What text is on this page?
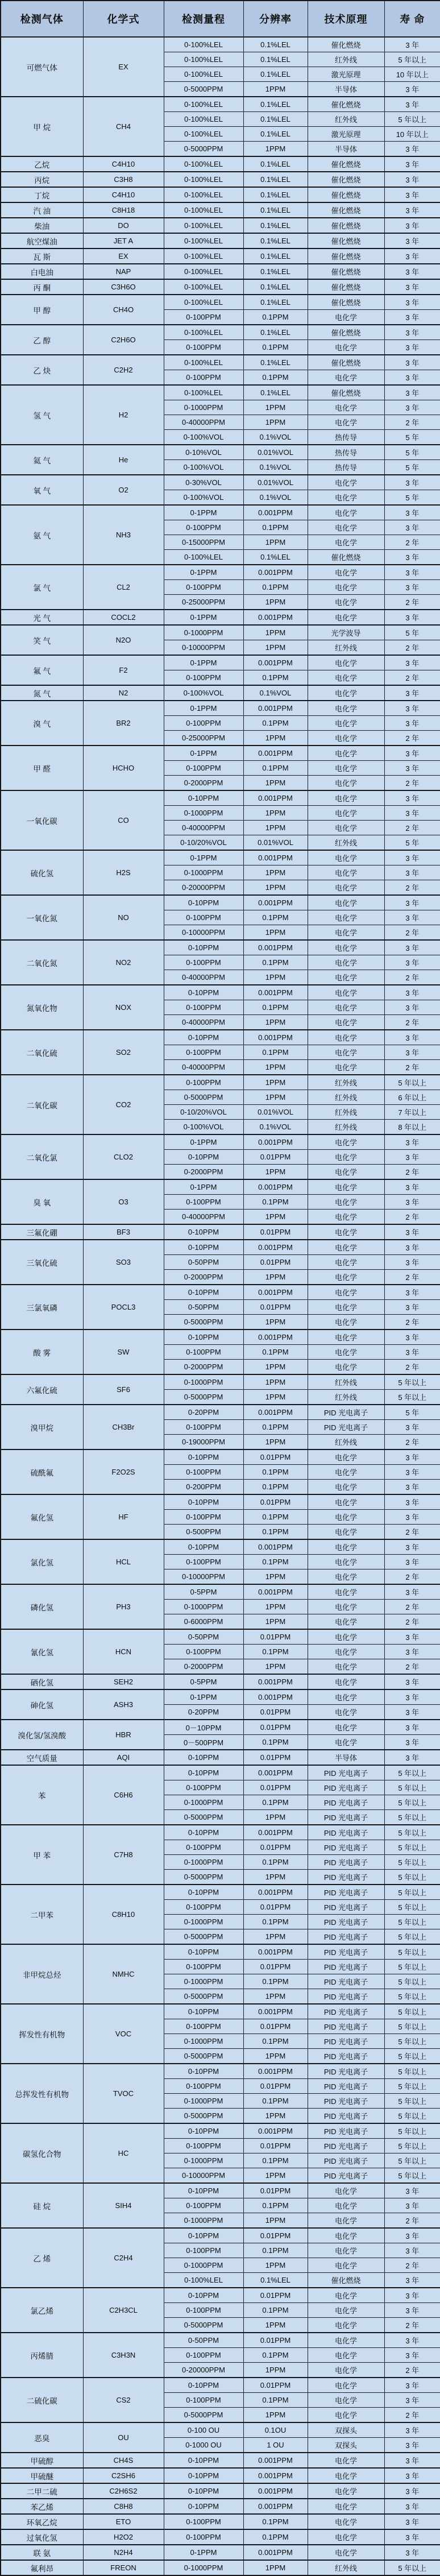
检测气体	化学式	检测量程	分辨率	技术原理	寿 命
可燃气体	EX	0-100%LEL	0.1%LEL	催化燃烧	3 年
		0-100%LEL	0.1%LEL	红外线	5 年以上
		0-100%LEL	0.1%LEL	激光原理	10 年以上
		0-5000PPM	1PPM	半导体	3 年
甲 烷	CH4	0-100%LEL	0.1%LEL	催化燃烧	3 年
		0-100%LEL	0.1%LEL	红外线	5 年以上
		0-100%LEL	0.1%LEL	激光原理	10 年以上
		0-5000PPM	1PPM	半导体	3 年
乙烷	C4H10	0-100%LEL	0.1%LEL	催化燃烧	3 年
丙烷	C3H8	0-100%LEL	0.1%LEL	催化燃烧	3 年
丁烷	C4H10	0-100%LEL	0.1%LEL	催化燃烧	3 年
汽 油	C8H18	0-100%LEL	0.1%LEL	催化燃烧	3 年
柴油	DO	0-100%LEL	0.1%LEL	催化燃烧	3 年
航空煤油	JET A	0-100%LEL	0.1%LEL	催化燃烧	3 年
瓦 斯	EX	0-100%LEL	0.1%LEL	催化燃烧	3 年
白电油	NAP	0-100%LEL	0.1%LEL	催化燃烧	3 年
丙 酮	C3H6O	0-100%LEL	0.1%LEL	催化燃烧	3 年
甲 醇	CH4O	0-100%LEL	0.1%LEL	催化燃烧	3 年
		0-100PPM	0.1PPM	电化学	3 年
乙 醇	C2H6O	0-100%LEL	0.1%LEL	催化燃烧	3 年
		0-100PPM	0.1PPM	电化学	3 年
乙 炔	C2H2	0-100%LEL	0.1%LEL	催化燃烧	3 年
		0-100PPM	0.1PPM	电化学	3 年
氢 气	H2	0-100%LEL	0.1%LEL	催化燃烧	3 年
		0-1000PPM	1PPM	电化学	3 年
		0-40000PPM	1PPM	电化学	2 年
		0-100%VOL	0.1%VOL	热传导	5 年
氦 气	He	0-10%VOL	0.01%VOL	热传导	5 年
		0-100%VOL	0.1%VOL	热传导	5 年
氧 气	O2	0-30%VOL	0.01%VOL	电化学	3 年
		0-100%VOL	0.1%VOL	电化学	5 年
氨 气	NH3	0-1PPM	0.001PPM	电化学	3 年
		0-100PPM	0.1PPM	电化学	3 年
		0-15000PPM	1PPM	电化学	2 年
		0-100%LEL	0.1%LEL	催化燃烧	3 年
氯 气	CL2	0-1PPM	0.001PPM	电化学	3 年
		0-100PPM	0.1PPM	电化学	3 年
		0-25000PPM	1PPM	电化学	2 年
光 气	COCL2	0-1PPM	0.001PPM	电化学	3 年
笑 气	N2O	0-1000PPM	1PPM	光学波导	5 年
		0-10000PPM	1PPM	红外线	2 年
氟 气	F2	0-1PPM	0.001PPM	电化学	3 年
		0-100PPM	0.1PPM	电化学	2 年
氮 气	N2	0-100%VOL	0.1%VOL	电化学	3 年
溴 气	BR2	0-1PPM	0.001PPM	电化学	3 年
		0-100PPM	0.1PPM	电化学	3 年
		0-25000PPM	1PPM	电化学	2 年
甲 醛	HCHO	0-1PPM	0.001PPM	电化学	3 年
		0-100PPM	0.1PPM	电化学	3 年
		0-2000PPM	1PPM	电化学	2 年
一氧化碳	CO	0-10PPM	0.001PPM	电化学	3 年
		0-1000PPM	1PPM	电化学	3 年
		0-40000PPM	1PPM	电化学	2 年
		0-10/20%VOL	0.01%VOL	红外线	5 年
硫化氢	H2S	0-1PPM	0.001PPM	电化学	3 年
		0-1000PPM	1PPM	电化学	3 年
		0-20000PPM	1PPM	电化学	2 年
一氧化氮	NO	0-10PPM	0.001PPM	电化学	3 年
		0-100PPM	0.1PPM	电化学	3 年
		0-10000PPM	1PPM	电化学	2 年
二氧化氮	NO2	0-10PPM	0.001PPM	电化学	3 年
		0-100PPM	0.1PPM	电化学	3 年
		0-40000PPM	1PPM	电化学	2 年
氮氧化物	NOX	0-10PPM	0.001PPM	电化学	3 年
		0-100PPM	0.1PPM	电化学	3 年
		0-40000PPM	1PPM	电化学	2 年
二氧化硫	SO2	0-10PPM	0.001PPM	电化学	3 年
		0-100PPM	0.1PPM	电化学	3 年
		0-40000PPM	1PPM	电化学	2 年
二氧化碳	CO2	0-100PPM	1PPM	红外线	5 年以上
		0-5000PPM	1PPM	红外线	6 年以上
		0-10/20%VOL	0.01%VOL	红外线	7 年以上
		0-100%VOL	0.1%VOL	红外线	8 年以上
二氧化氯	CLO2	0-1PPM	0.001PPM	电化学	3 年
		0-10PPM	0.01PPM	电化学	3 年
		0-2000PPM	1PPM	电化学	2 年
臭 氧	O3	0-1PPM	0.001PPM	电化学	3 年
		0-100PPM	0.1PPM	电化学	3 年
		0-40000PPM	1PPM	电化学	2 年
三氟化硼	BF3	0-10PPM	0.01PPM	电化学	3 年
三氧化硫	SO3	0-10PPM	0.001PPM	电化学	3 年
		0-50PPM	0.01PPM	电化学	3 年
		0-2000PPM	1PPM	电化学	2 年
三氯氧磷	POCL3	0-10PPM	0.001PPM	电化学	3 年
		0-50PPM	0.01PPM	电化学	3 年
		0-5000PPM	1PPM	电化学	2 年
酸 雾	SW	0-10PPM	0.001PPM	电化学	3 年
		0-100PPM	0.1PPM	电化学	3 年
		0-2000PPM	1PPM	电化学	2 年
六氟化硫	SF6	0-1000PPM	1PPM	红外线	5 年以上
		0-5000PPM	1PPM	红外线	5 年以上
溴甲烷	CH3Br	0-20PPM	0.001PPM	PID 光电离子	5 年
		0-100PPM	0.1PPM	PID 光电离子	3 年
		0-19000PPM	1PPM	红外线	2 年
硫酰氟	F2O2S	0-10PPM	0.01PPM	电化学	3 年
		0-100PPM	0.1PPM	电化学	3 年
		0-200PPM	0.1PPM	电化学	3 年
氟化氢	HF	0-10PPM	0.01PPM	电化学	3 年
		0-100PPM	0.1PPM	电化学	3 年
		0-500PPM	0.1PPM	电化学	2 年
氯化氢	HCL	0-10PPM	0.001PPM	电化学	3 年
		0-100PPM	0.1PPM	电化学	3 年
		0-10000PPM	1PPM	电化学	2 年
磷化氢	PH3	0-5PPM	0.001PPM	电化学	3 年
		0-1000PPM	1PPM	电化学	2 年
		0-6000PPM	1PPM	电化学	2 年
氰化氢	HCN	0-50PPM	0.01PPM	电化学	3 年
		0-100PPM	0.1PPM	电化学	3 年
		0-2000PPM	1PPM	电化学	2 年
硒化氢	SEH2	0-5PPM	0.001PPM	电化学	3 年
砷化氢	ASH3	0-1PPM	0.001PPM	电化学	3 年
		0-20PPM	0.01PPM	电化学	3 年
溴化氢/氢溴酸	HBR	0－10PPM	0.01PPM	电化学	3 年
		0－500PPM	0.1PPM	电化学	3 年
空气质量	AQI	0-10PPM	0.01PPM	半导体	3 年
苯	C6H6	0-10PPM	0.001PPM	PID 光电离子	5 年以上
		0-100PPM	0.01PPM	PID 光电离子	5 年以上
		0-1000PPM	0.1PPM	PID 光电离子	5 年以上
		0-5000PPM	1PPM	PID 光电离子	5 年以上
甲 苯	C7H8	0-10PPM	0.001PPM	PID 光电离子	5 年以上
		0-100PPM	0.01PPM	PID 光电离子	5 年以上
		0-1000PPM	0.1PPM	PID 光电离子	5 年以上
		0-5000PPM	1PPM	PID 光电离子	5 年以上
二甲苯	C8H10	0-10PPM	0.001PPM	PID 光电离子	5 年以上
		0-100PPM	0.01PPM	PID 光电离子	5 年以上
		0-1000PPM	0.1PPM	PID 光电离子	5 年以上
		0-5000PPM	1PPM	PID 光电离子	5 年以上
非甲烷总烃	NMHC	0-10PPM	0.001PPM	PID 光电离子	5 年以上
		0-100PPM	0.01PPM	PID 光电离子	5 年以上
		0-1000PPM	0.1PPM	PID 光电离子	5 年以上
		0-5000PPM	1PPM	PID 光电离子	5 年以上
挥发性有机物	VOC	0-10PPM	0.001PPM	PID 光电离子	5 年以上
		0-100PPM	0.01PPM	PID 光电离子	5 年以上
		0-1000PPM	0.1PPM	PID 光电离子	5 年以上
		0-5000PPM	1PPM	PID 光电离子	5 年以上
总挥发性有机物	TVOC	0-10PPM	0.001PPM	PID 光电离子	5 年以上
		0-100PPM	0.01PPM	PID 光电离子	5 年以上
		0-1000PPM	0.1PPM	PID 光电离子	5 年以上
		0-5000PPM	1PPM	PID 光电离子	5 年以上
碳氢化合物	HC	0-10PPM	0.001PPM	PID 光电离子	5 年以上
		0-100PPM	0.01PPM	PID 光电离子	5 年以上
		0-1000PPM	0.1PPM	PID 光电离子	5 年以上
		0-10000PPM	1PPM	PID 光电离子	5 年以上
硅 烷	SIH4	0-10PPM	0.01PPM	电化学	3 年
		0-100PPM	0.1PPM	电化学	3 年
		0-1000PPM	1PPM	电化学	2 年
乙 烯	C2H4	0-10PPM	0.01PPM	电化学	3 年
		0-100PPM	0.1PPM	电化学	3 年
		0-1000PPM	1PPM	电化学	2 年
		0-100%LEL	0.1%LEL	催化燃烧	3 年
氯乙烯	C2H3CL	0-10PPM	0.01PPM	电化学	3 年
		0-100PPM	0.1PPM	电化学	3 年
		0-5000PPM	1PPM	电化学	2 年
丙烯腈	C3H3N	0-50PPM	0.01PPM	电化学	3 年
		0-100PPM	0.1PPM	电化学	3 年
		0-20000PPM	1PPM	电化学	2 年
二硫化碳	CS2	0-10PPM	0.01PPM	电化学	3 年
		0-100PPM	0.1PPM	电化学	3 年
		0-5000PPM	1PPM	电化学	2 年
恶臭	OU	0-100 OU	0.1OU	双探头	3 年
		0-1000 OU	1 OU	双探头	3 年
甲硫醇	CH4S	0-10PPM	0.001PPM	电化学	3 年
甲硫醚	C2SH6	0-10PPM	0.001PPM	电化学	3 年
二甲二硫	C2H6S2	0-10PPM	0.001PPM	电化学	3 年
苯乙烯	C8H8	0-10PPM	0.001PPM	电化学	3 年
环氧乙烷	ETO	0-100PPM	0.1PPM	电化学	3 年
过氧化氢	H2O2	0-100PPM	0.1PPM	电化学	3 年
联 氨	N2H4	0-1PPM	0.001PPM	电化学	3 年
氟利昂	FREON	0-1000PPM	1PPM	红外线	5 年以上
